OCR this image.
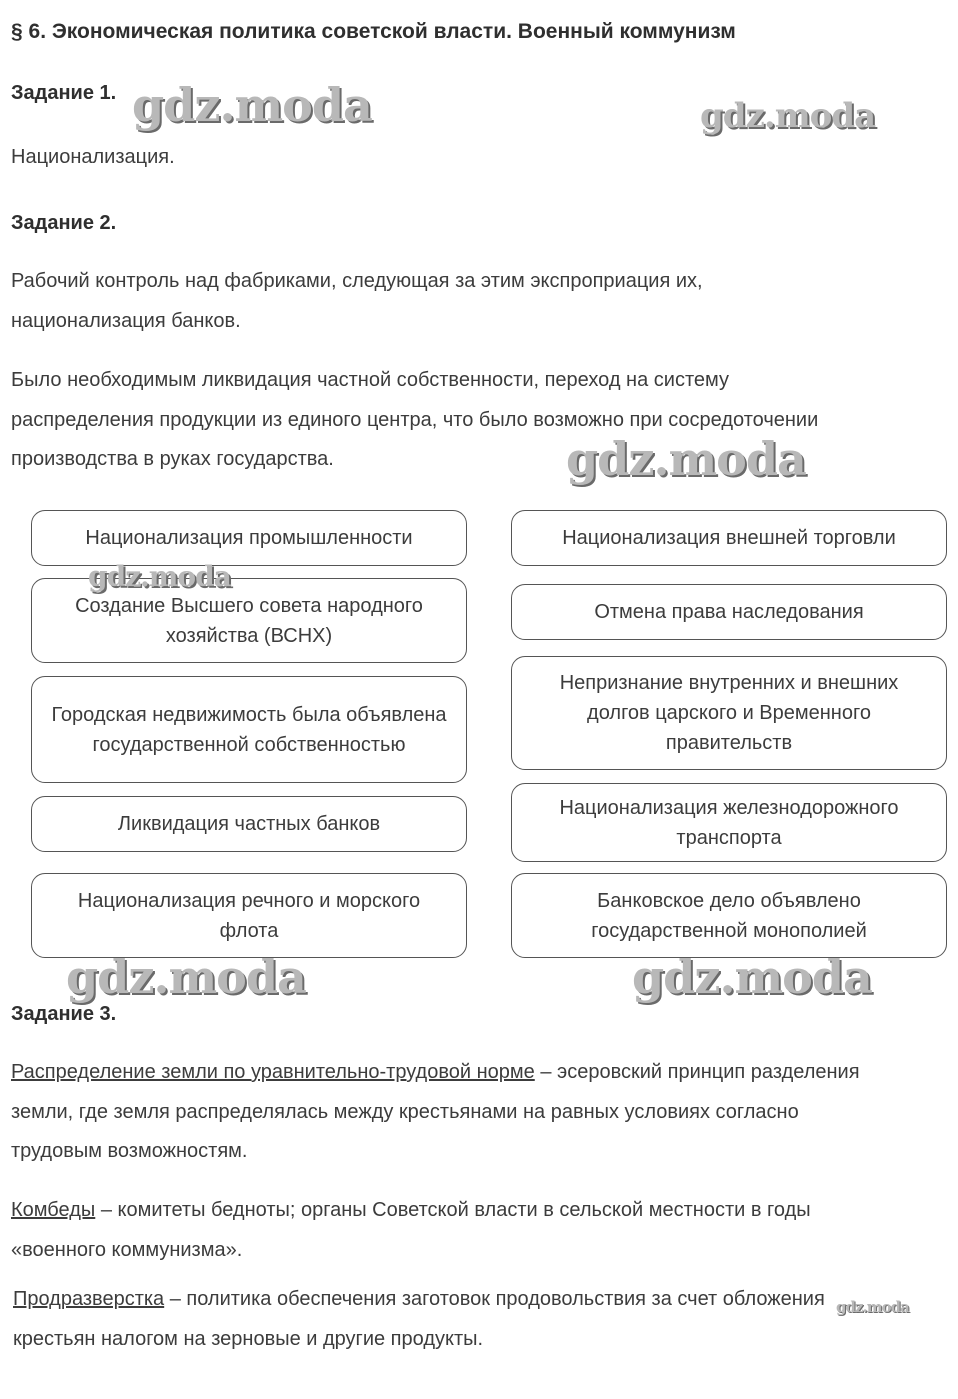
§ 6. Экономическая политика советской власти. Военный коммунизм
Задание 1.
Национализация.
Задание 2.
Рабочий контроль над фабриками, следующая за этим экспроприация их, национализация банков.
Было необходимым ликвидация частной собственности, переход на систему распределения продукции из единого центра, что было возможно при сосредоточении производства в руках государства.
Национализация промышленности
Создание Высшего совета народного хозяйства (ВСНХ)
Городская недвижимость была объявлена государственной собственностью
Ликвидация частных банков
Национализация речного и морского флота
Национализация внешней торговли
Отмена права наследования
Непризнание внутренних и внешних долгов царского и Временного правительств
Национализация железнодорожного транспорта
Банковское дело объявлено государственной монополией
Задание 3.
Распределение земли по уравнительно-трудовой норме – эсеровский принцип разделения земли, где земля распределялась между крестьянами на равных условиях согласно трудовым возможностям.
Комбеды – комитеты бедноты; органы Советской власти в сельской местности в годы «военного коммунизма».
Продразверстка – политика обеспечения заготовок продовольствия за счет обложения крестьян налогом на зерновые и другие продукты.
gdz.moda	gdz.moda
gdz.moda
gdz.moda
gdz.moda	gdz.moda
gdz.moda
